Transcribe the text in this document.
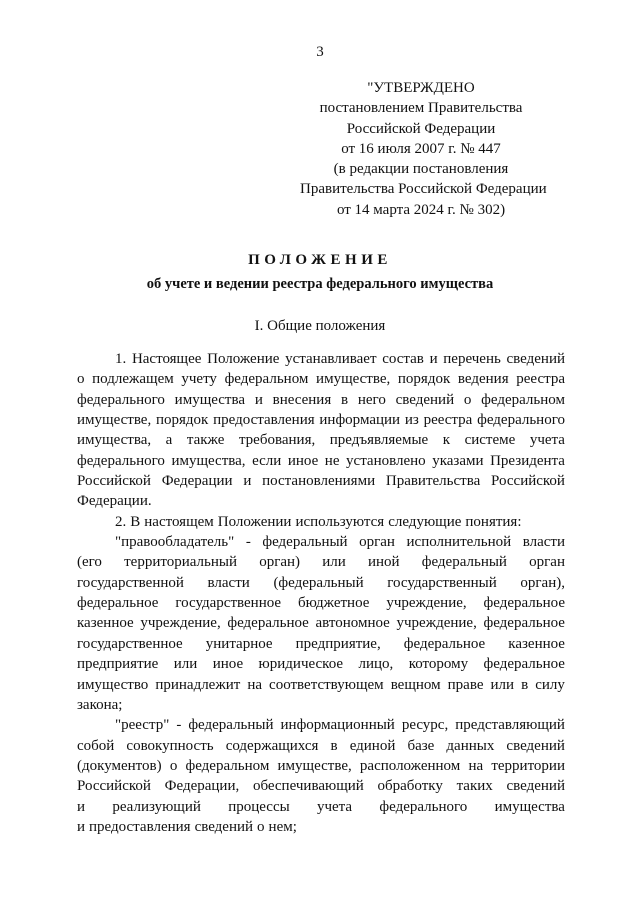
3
"УТВЕРЖДЕНО
постановлением Правительства
Российской Федерации
от 16 июля 2007 г. № 447
(в редакции постановления
Правительства Российской Федерации
от 14 марта 2024 г. № 302)
ПОЛОЖЕНИЕ
об учете и ведении реестра федерального имущества
I. Общие положения
1. Настоящее Положение устанавливает состав и перечень сведений
о подлежащем учету федеральном имуществе, порядок ведения реестра
федерального имущества и внесения в него сведений о федеральном
имуществе, порядок предоставления информации из реестра федерального
имущества, а также требования, предъявляемые к системе учета
федерального имущества, если иное не установлено указами Президента
Российской Федерации и постановлениями Правительства Российской
Федерации.
2. В настоящем Положении используются следующие понятия:
"правообладатель" - федеральный орган исполнительной власти
(его территориальный орган) или иной федеральный орган
государственной власти (федеральный государственный орган),
федеральное государственное бюджетное учреждение, федеральное
казенное учреждение, федеральное автономное учреждение, федеральное
государственное унитарное предприятие, федеральное казенное
предприятие или иное юридическое лицо, которому федеральное
имущество принадлежит на соответствующем вещном праве или в силу
закона;
"реестр" - федеральный информационный ресурс, представляющий
собой совокупность содержащихся в единой базе данных сведений
(документов) о федеральном имуществе, расположенном на территории
Российской Федерации, обеспечивающий обработку таких сведений
и реализующий процессы учета федерального имущества
и предоставления сведений о нем;
